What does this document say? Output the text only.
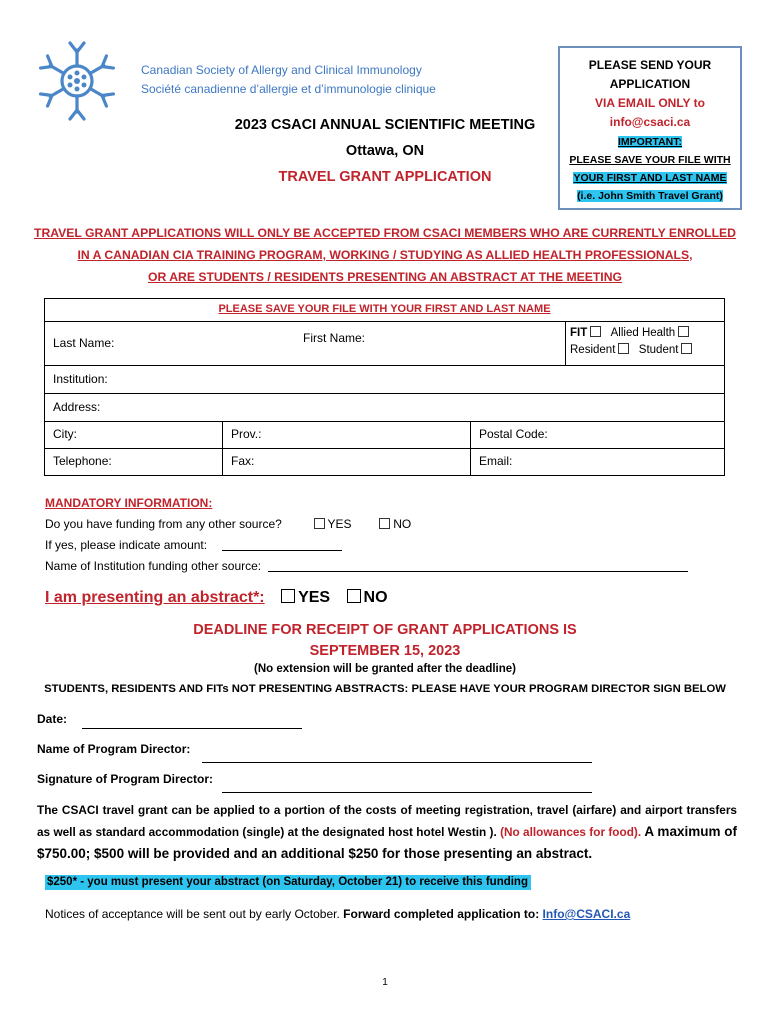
Canadian Society of Allergy and Clinical Immunology
Société canadienne d’allergie et d’immunologie clinique
2023 CSACI ANNUAL SCIENTIFIC MEETING
Ottawa, ON
TRAVEL GRANT APPLICATION
PLEASE SEND YOUR
APPLICATION
VIA EMAIL ONLY to
info@csaci.ca
IMPORTANT:
PLEASE SAVE YOUR FILE WITH
YOUR FIRST AND LAST NAME
(i.e. John Smith Travel Grant)
TRAVEL GRANT APPLICATIONS WILL ONLY BE ACCEPTED FROM CSACI MEMBERS WHO ARE CURRENTLY ENROLLED
IN A CANADIAN CIA TRAINING PROGRAM, WORKING / STUDYING AS ALLIED HEALTH PROFESSIONALS,
OR ARE STUDENTS / RESIDENTS PRESENTING AN ABSTRACT AT THE MEETING
PLEASE SAVE YOUR FILE WITH YOUR FIRST AND LAST NAME
Last Name:	First Name:	FIT Allied Health
Resident Student
Institution:
Address:
City:	Prov.:	Postal Code:
Telephone:	Fax:	Email:
MANDATORY INFORMATION:
Do you have funding from any other source?	YES	NO
If yes, please indicate amount:
Name of Institution funding other source:
I am presenting an abstract*: YES NO
DEADLINE FOR RECEIPT OF GRANT APPLICATIONS IS
SEPTEMBER 15, 2023
(No extension will be granted after the deadline)
STUDENTS, RESIDENTS AND FITs NOT PRESENTING ABSTRACTS: PLEASE HAVE YOUR PROGRAM DIRECTOR SIGN BELOW
Date:
Name of Program Director:
Signature of Program Director:
The CSACI travel grant can be applied to a portion of the costs of meeting registration, travel (airfare) and airport transfers as well as standard accommodation (single) at the designated host hotel Westin ). (No allowances for food). A maximum of $750.00; $500 will be provided and an additional $250 for those presenting an abstract.
$250* - you must present your abstract (on Saturday, October 21) to receive this funding
Notices of acceptance will be sent out by early October. Forward completed application to: Info@CSACI.ca
1
